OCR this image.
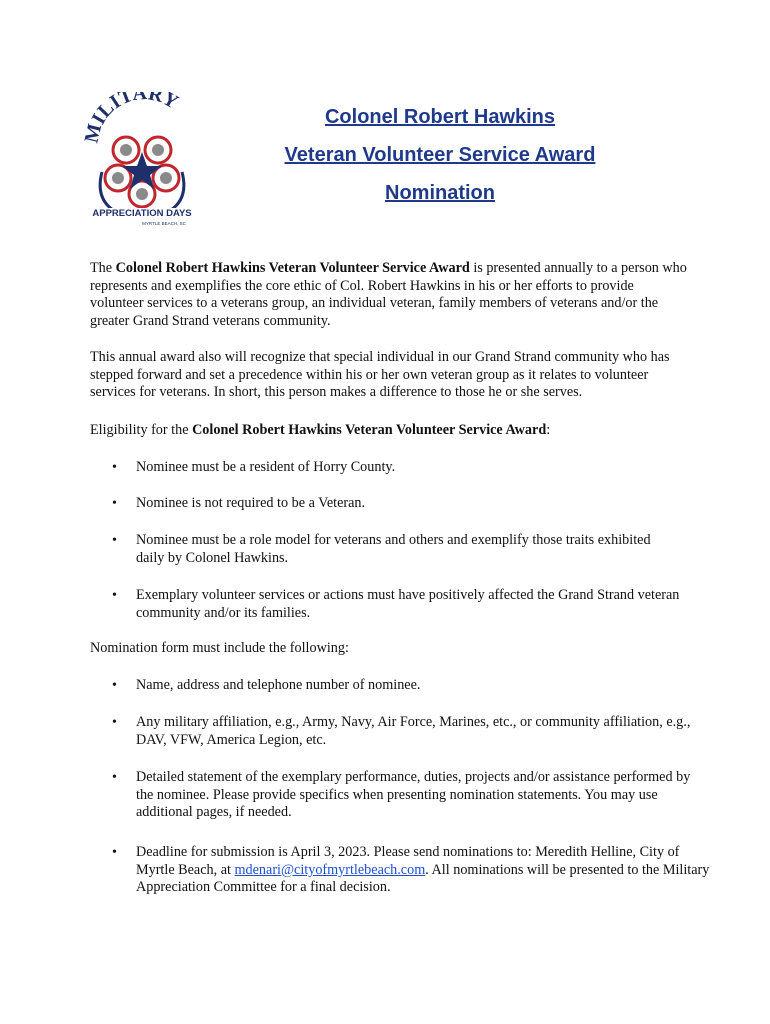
ILITARY
APPRECIATION DAYS
MYRTLE BEACH, SC
Colonel Robert Hawkins
Veteran Volunteer Service Award
Nomination

The Colonel Robert Hawkins Veteran Volunteer Service Award is presented annually to a person who represents and exemplifies the core ethic of Col. Robert Hawkins in his or her efforts to provide volunteer services to a veterans group, an individual veteran, family members of veterans and/or the greater Grand Strand veterans community.

This annual award also will recognize that special individual in our Grand Strand community who has stepped forward and set a precedence within his or her own veteran group as it relates to volunteer services for veterans. In short, this person makes a difference to those he or she serves.

Eligibility for the Colonel Robert Hawkins Veteran Volunteer Service Award:

• Nominee must be a resident of Horry County.
• Nominee is not required to be a Veteran.
• Nominee must be a role model for veterans and others and exemplify those traits exhibited daily by Colonel Hawkins.
• Exemplary volunteer services or actions must have positively affected the Grand Strand veteran community and/or its families.

Nomination form must include the following:

• Name, address and telephone number of nominee.
• Any military affiliation, e.g., Army, Navy, Air Force, Marines, etc., or community affiliation, e.g., DAV, VFW, America Legion, etc.
• Detailed statement of the exemplary performance, duties, projects and/or assistance performed by the nominee. Please provide specifics when presenting nomination statements. You may use additional pages, if needed.
• Deadline for submission is April 3, 2023. Please send nominations to: Meredith Helline, City of Myrtle Beach, at mdenari@cityofmyrtlebeach.com. All nominations will be presented to the Military Appreciation Committee for a final decision.
